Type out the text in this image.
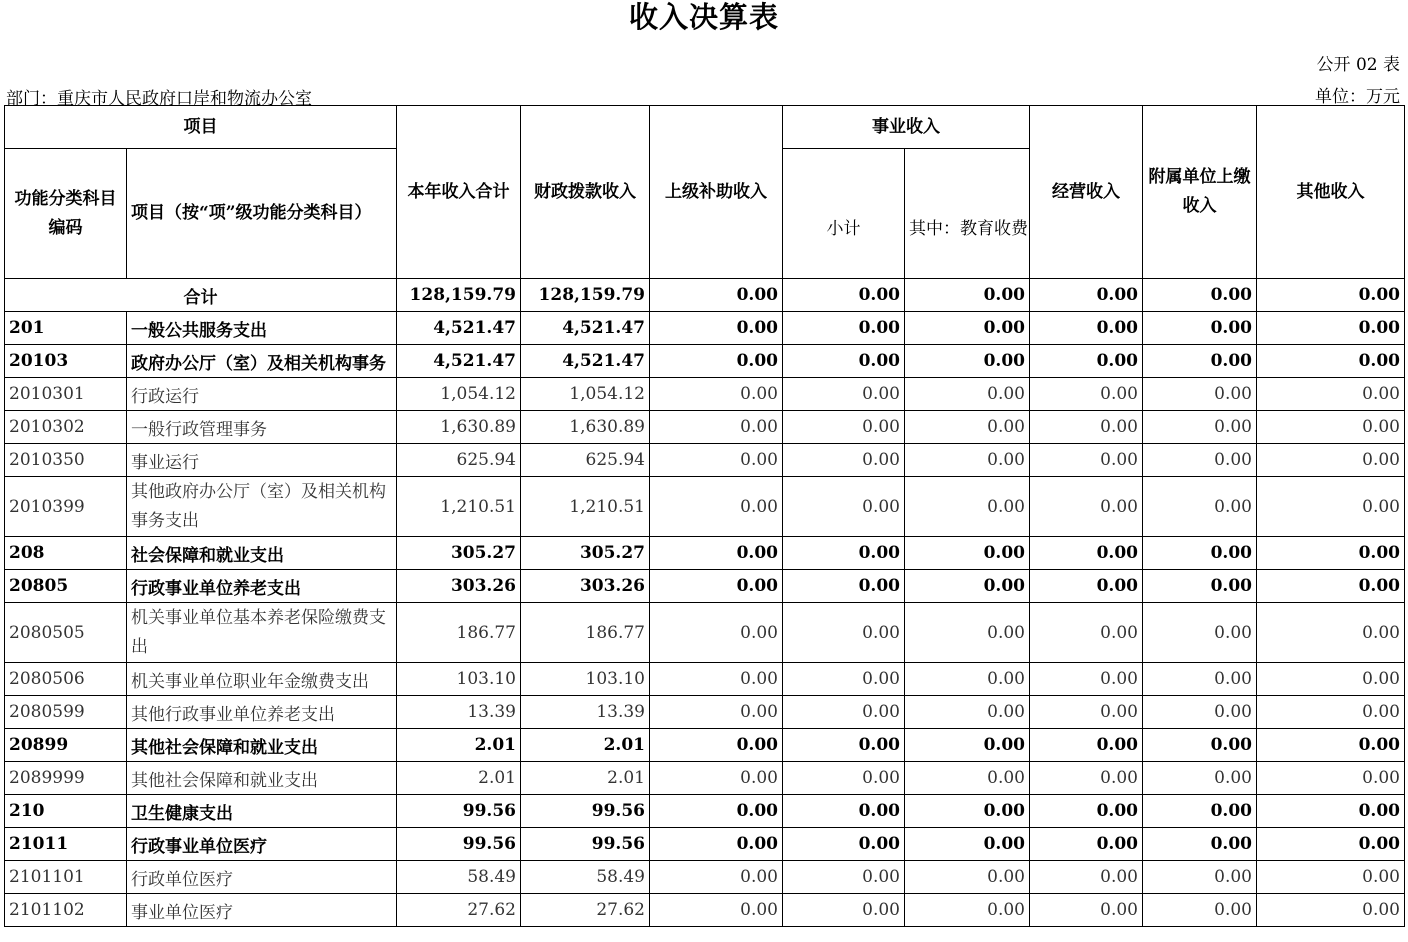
收入决算表
公开 02 表
部门：重庆市人民政府口岸和物流办公室	单位：万元
项目		本年收入合计	财政拨款收入	上级补助收入	事业收入		经营收入	附属单位上缴收入	其他收入
功能分类科目编码	项目（按“项”级功能分类科目）				小计	其中：教育收费			
合计		128,159.79	128,159.79	0.00	0.00	0.00	0.00	0.00	0.00
201	一般公共服务支出	4,521.47	4,521.47	0.00	0.00	0.00	0.00	0.00	0.00
20103	政府办公厅（室）及相关机构事务	4,521.47	4,521.47	0.00	0.00	0.00	0.00	0.00	0.00
2010301	行政运行	1,054.12	1,054.12	0.00	0.00	0.00	0.00	0.00	0.00
2010302	一般行政管理事务	1,630.89	1,630.89	0.00	0.00	0.00	0.00	0.00	0.00
2010350	事业运行	625.94	625.94	0.00	0.00	0.00	0.00	0.00	0.00
2010399	其他政府办公厅（室）及相关机构事务支出	1,210.51	1,210.51	0.00	0.00	0.00	0.00	0.00	0.00
208	社会保障和就业支出	305.27	305.27	0.00	0.00	0.00	0.00	0.00	0.00
20805	行政事业单位养老支出	303.26	303.26	0.00	0.00	0.00	0.00	0.00	0.00
2080505	机关事业单位基本养老保险缴费支出	186.77	186.77	0.00	0.00	0.00	0.00	0.00	0.00
2080506	机关事业单位职业年金缴费支出	103.10	103.10	0.00	0.00	0.00	0.00	0.00	0.00
2080599	其他行政事业单位养老支出	13.39	13.39	0.00	0.00	0.00	0.00	0.00	0.00
20899	其他社会保障和就业支出	2.01	2.01	0.00	0.00	0.00	0.00	0.00	0.00
2089999	其他社会保障和就业支出	2.01	2.01	0.00	0.00	0.00	0.00	0.00	0.00
210	卫生健康支出	99.56	99.56	0.00	0.00	0.00	0.00	0.00	0.00
21011	行政事业单位医疗	99.56	99.56	0.00	0.00	0.00	0.00	0.00	0.00
2101101	行政单位医疗	58.49	58.49	0.00	0.00	0.00	0.00	0.00	0.00
2101102	事业单位医疗	27.62	27.62	0.00	0.00	0.00	0.00	0.00	0.00
